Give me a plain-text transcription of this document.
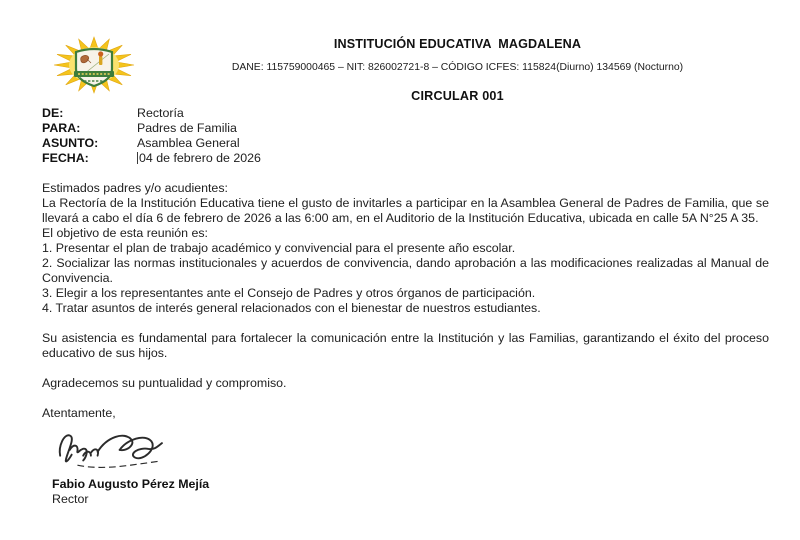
INSTITUCIÓN EDUCATIVA  MAGDALENA
DANE: 115759000465 – NIT: 826002721-8 – CÓDIGO ICFES: 115824(Diurno) 134569 (Nocturno)
CIRCULAR 001
DE:	Rectoría
PARA:	Padres de Familia
ASUNTO:	Asamblea General
FECHA:	04 de febrero de 2026
Estimados padres y/o acudientes:
La Rectoría de la Institución Educativa tiene el gusto de invitarles a participar en la Asamblea General de Padres de Familia, que se llevará a cabo el día 6 de febrero de 2026 a las 6:00 am, en el Auditorio de la Institución Educativa, ubicada en calle 5A N°25 A 35.
El objetivo de esta reunión es:
1. Presentar el plan de trabajo académico y convivencial para el presente año escolar.
2. Socializar las normas institucionales y acuerdos de convivencia, dando aprobación a las modificaciones realizadas al Manual de Convivencia.
3. Elegir a los representantes ante el Consejo de Padres y otros órganos de participación.
4. Tratar asuntos de interés general relacionados con el bienestar de nuestros estudiantes.
Su asistencia es fundamental para fortalecer la comunicación entre la Institución y las Familias, garantizando el éxito del proceso educativo de sus hijos.
Agradecemos su puntualidad y compromiso.
Atentamente,
Fabio Augusto Pérez Mejía
Rector
